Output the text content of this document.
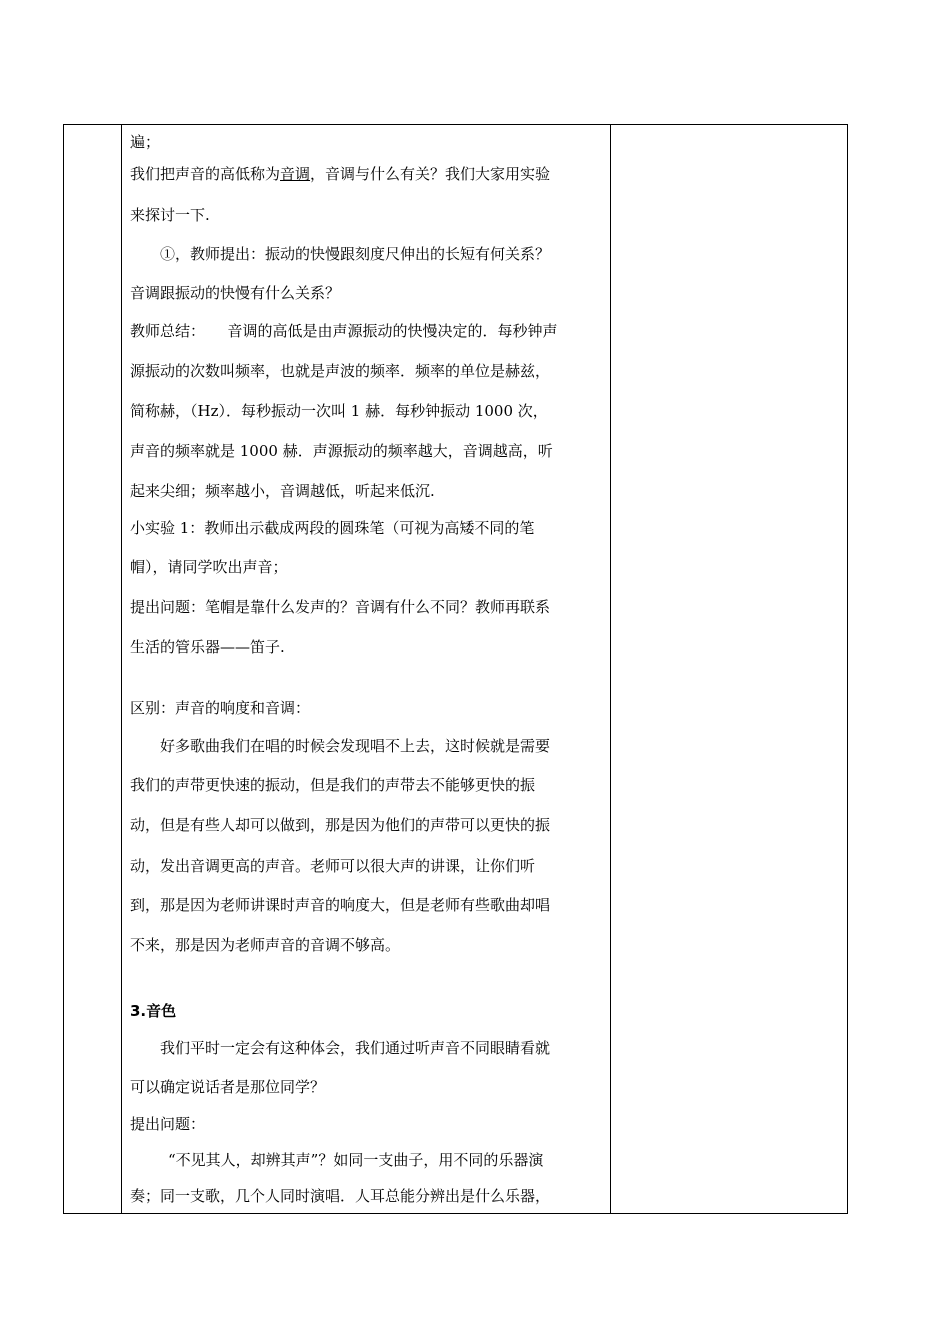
遍；
我们把声音的高低称为音调，音调与什么有关？我们大家用实验
来探讨一下.
①，教师提出：振动的快慢跟刻度尺伸出的长短有何关系？
音调跟振动的快慢有什么关系？
教师总结：　　音调的高低是由声源振动的快慢决定的．每秒钟声
源振动的次数叫频率，也就是声波的频率．频率的单位是赫兹，
简称赫，（Hz）．每秒振动一次叫 1 赫．每秒钟振动 1000 次，
声音的频率就是 1000 赫．声源振动的频率越大，音调越高，听
起来尖细；频率越小，音调越低，听起来低沉.
小实验 1：教师出示截成两段的圆珠笔（可视为高矮不同的笔
帽），请同学吹出声音；
提出问题：笔帽是靠什么发声的？音调有什么不同？教师再联系
生活的管乐器——笛子.
区别：声音的响度和音调：
好多歌曲我们在唱的时候会发现唱不上去，这时候就是需要
我们的声带更快速的振动，但是我们的声带去不能够更快的振
动，但是有些人却可以做到，那是因为他们的声带可以更快的振
动，发出音调更高的声音。老师可以很大声的讲课，让你们听
到，那是因为老师讲课时声音的响度大，但是老师有些歌曲却唱
不来，那是因为老师声音的音调不够高。
3.音色
我们平时一定会有这种体会，我们通过听声音不同眼睛看就
可以确定说话者是那位同学？
提出问题：
“不见其人，却辨其声”？如同一支曲子，用不同的乐器演
奏；同一支歌，几个人同时演唱．人耳总能分辨出是什么乐器，
